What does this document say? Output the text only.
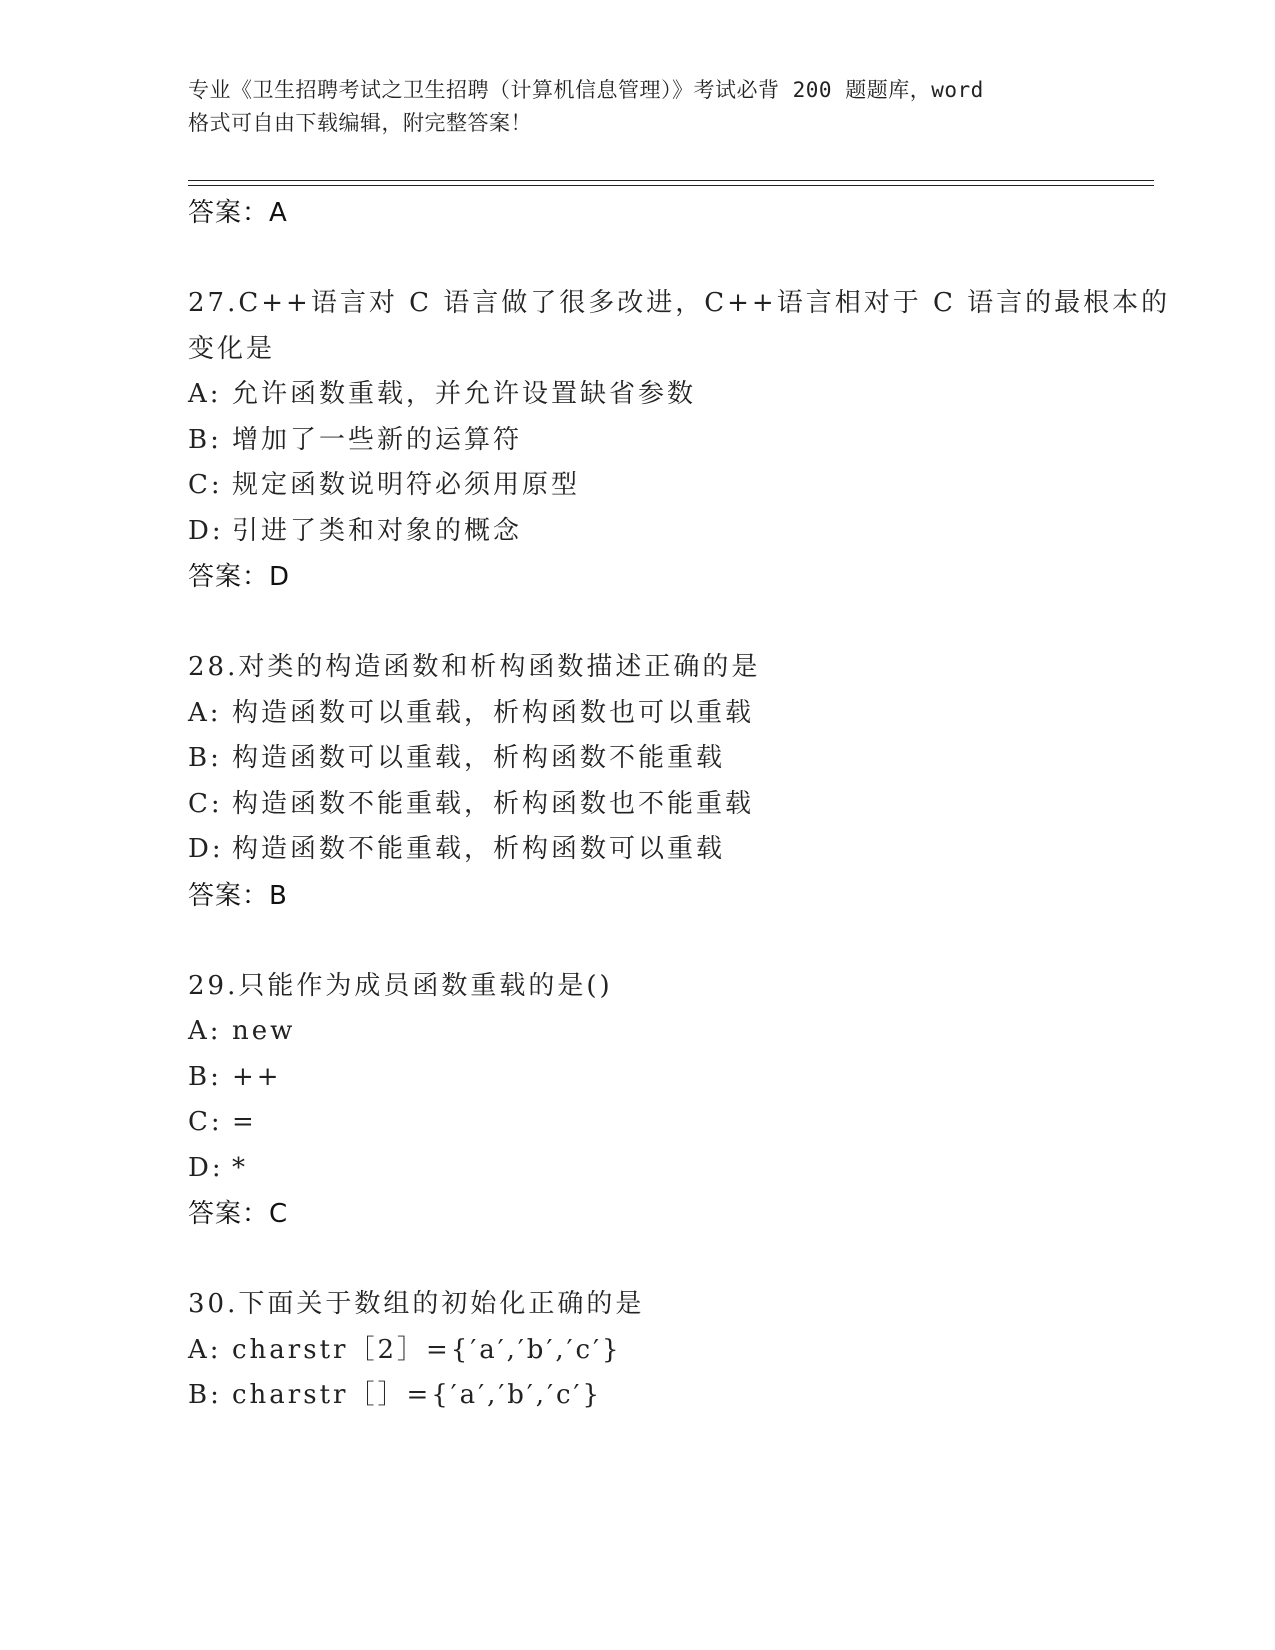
专业《卫生招聘考试之卫生招聘（计算机信息管理）》考试必背 200 题题库，word
格式可自由下载编辑，附完整答案！
答案：A
27.C++语言对 C 语言做了很多改进，C++语言相对于 C 语言的最根本的
变化是
A: 允许函数重载，并允许设置缺省参数
B: 增加了一些新的运算符
C: 规定函数说明符必须用原型
D: 引进了类和对象的概念
答案：D
28.对类的构造函数和析构函数描述正确的是
A: 构造函数可以重载，析构函数也可以重载
B: 构造函数可以重载，析构函数不能重载
C: 构造函数不能重载，析构函数也不能重载
D: 构造函数不能重载，析构函数可以重载
答案：B
29.只能作为成员函数重载的是()
A: new
B: ++
C: =
D: *
答案：C
30.下面关于数组的初始化正确的是
A: charstr［2］={′a′,′b′,′c′}
B: charstr［］={′a′,′b′,′c′}
